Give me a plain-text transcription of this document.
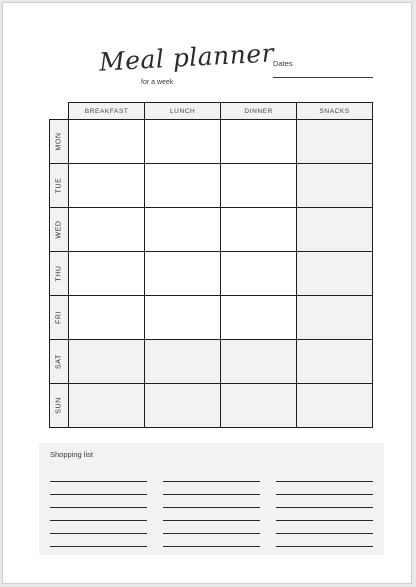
Meal planner
for a week
Dates
	BREAKFAST	LUNCH	DINNER	SNACKS

MON				

TUE				

WED				

THU				

FRI				

SAT				

SUN				

Shopping list
